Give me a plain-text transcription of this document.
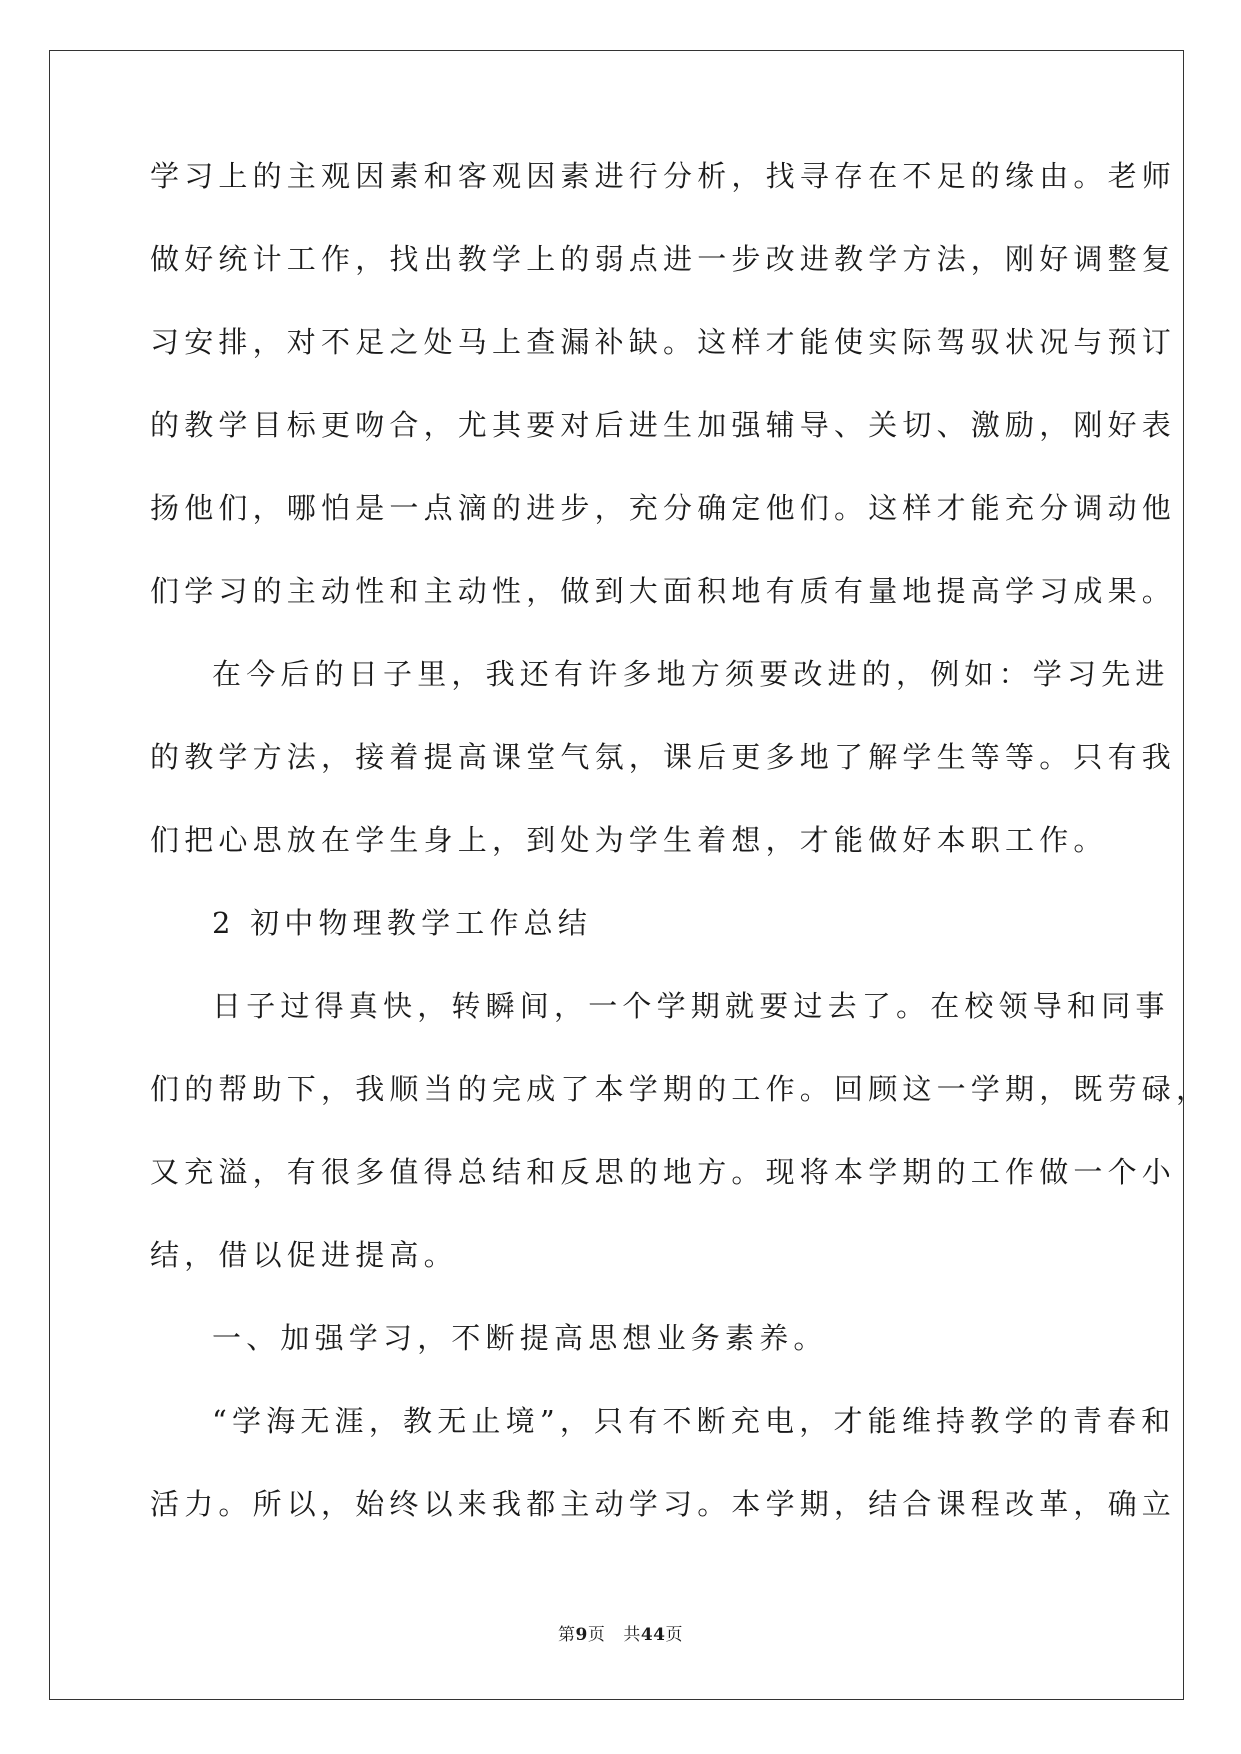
学习上的主观因素和客观因素进行分析，找寻存在不足的缘由。老师
做好统计工作，找出教学上的弱点进一步改进教学方法，刚好调整复
习安排，对不足之处马上查漏补缺。这样才能使实际驾驭状况与预订
的教学目标更吻合，尤其要对后进生加强辅导、关切、激励，刚好表
扬他们，哪怕是一点滴的进步，充分确定他们。这样才能充分调动他
们学习的主动性和主动性，做到大面积地有质有量地提高学习成果。
在今后的日子里，我还有许多地方须要改进的，例如：学习先进
的教学方法，接着提高课堂气氛，课后更多地了解学生等等。只有我
们把心思放在学生身上，到处为学生着想，才能做好本职工作。
2 初中物理教学工作总结
日子过得真快，转瞬间，一个学期就要过去了。在校领导和同事
们的帮助下，我顺当的完成了本学期的工作。回顾这一学期，既劳碌，
又充溢，有很多值得总结和反思的地方。现将本学期的工作做一个小
结，借以促进提高。
一、加强学习，不断提高思想业务素养。
“学海无涯，教无止境”，只有不断充电，才能维持教学的青春和
活力。所以，始终以来我都主动学习。本学期，结合课程改革，确立
第9页 共44页
